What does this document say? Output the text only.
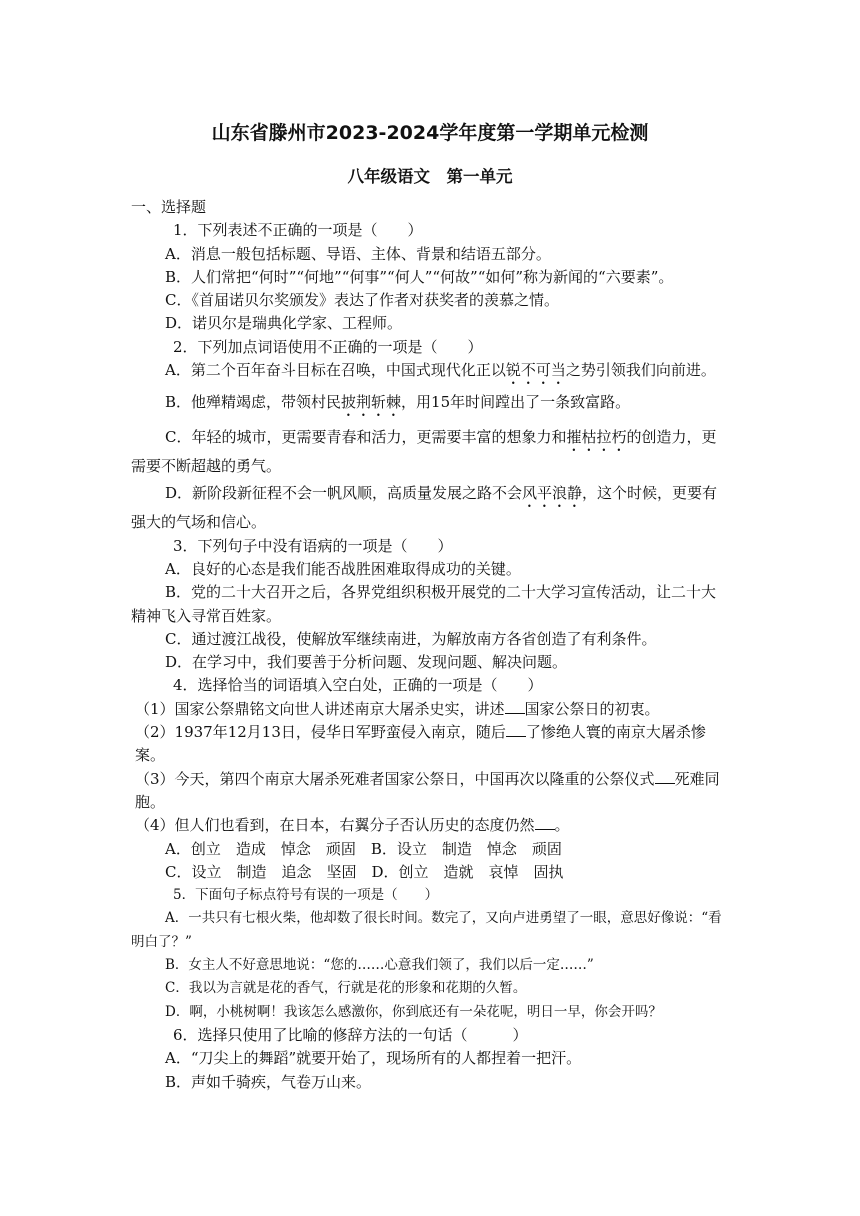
山东省滕州市2023-2024学年度第一学期单元检测
八年级语文　第一单元

一、选择题

1．下列表述不正确的一项是（　　）

A．消息一般包括标题、导语、主体、背景和结语五部分。

B．人们常把“何时”“何地”“何事”“何人”“何故”“如何”称为新闻的“六要素”。

C．《首届诺贝尔奖颁发》表达了作者对获奖者的羡慕之情。

D．诺贝尔是瑞典化学家、工程师。

2．下列加点词语使用不正确的一项是（　　）

A．第二个百年奋斗目标在召唤，中国式现代化正以锐不可当之势引领我们向前进。

B．他殚精竭虑，带领村民披荆斩棘，用15年时间蹚出了一条致富路。

C．年轻的城市，更需要青春和活力，更需要丰富的想象力和摧枯拉朽的创造力，更需要不断超越的勇气。

D．新阶段新征程不会一帆风顺，高质量发展之路不会风平浪静，这个时候，更要有强大的气场和信心。

3．下列句子中没有语病的一项是（　　）

A．良好的心态是我们能否战胜困难取得成功的关键。

B．党的二十大召开之后，各界党组织积极开展党的二十大学习宣传活动，让二十大精神飞入寻常百姓家。

C．通过渡江战役，使解放军继续南进，为解放南方各省创造了有利条件。

D．在学习中，我们要善于分析问题、发现问题、解决问题。

4．选择恰当的词语填入空白处，正确的一项是（　　）

（1）国家公祭鼎铭文向世人讲述南京大屠杀史实，讲述 国家公祭日的初衷。

（2）1937年12月13日，侵华日军野蛮侵入南京，随后 了惨绝人寰的南京大屠杀惨案。

（3）今天，第四个南京大屠杀死难者国家公祭日，中国再次以隆重的公祭仪式 死难同胞。

（4）但人们也看到，在日本，右翼分子否认历史的态度仍然 。

A．创立　造成　悼念　顽固　B．设立　制造　悼念　顽固

C．设立　制造　追念　坚固　D．创立　造就　哀悼　固执

5．下面句子标点符号有误的一项是（　　）

A．一共只有七根火柴，他却数了很长时间。数完了，又向卢进勇望了一眼，意思好像说：“看明白了？”

B．女主人不好意思地说：“您的……心意我们领了，我们以后一定……”

C．我以为言就是花的香气，行就是花的形象和花期的久暂。

D．啊，小桃树啊！我该怎么感激你，你到底还有一朵花呢，明日一早，你会开吗？

6．选择只使用了比喻的修辞方法的一句话（　　　）

A．“刀尖上的舞蹈”就要开始了，现场所有的人都捏着一把汗。

B．声如千骑疾，气卷万山来。
